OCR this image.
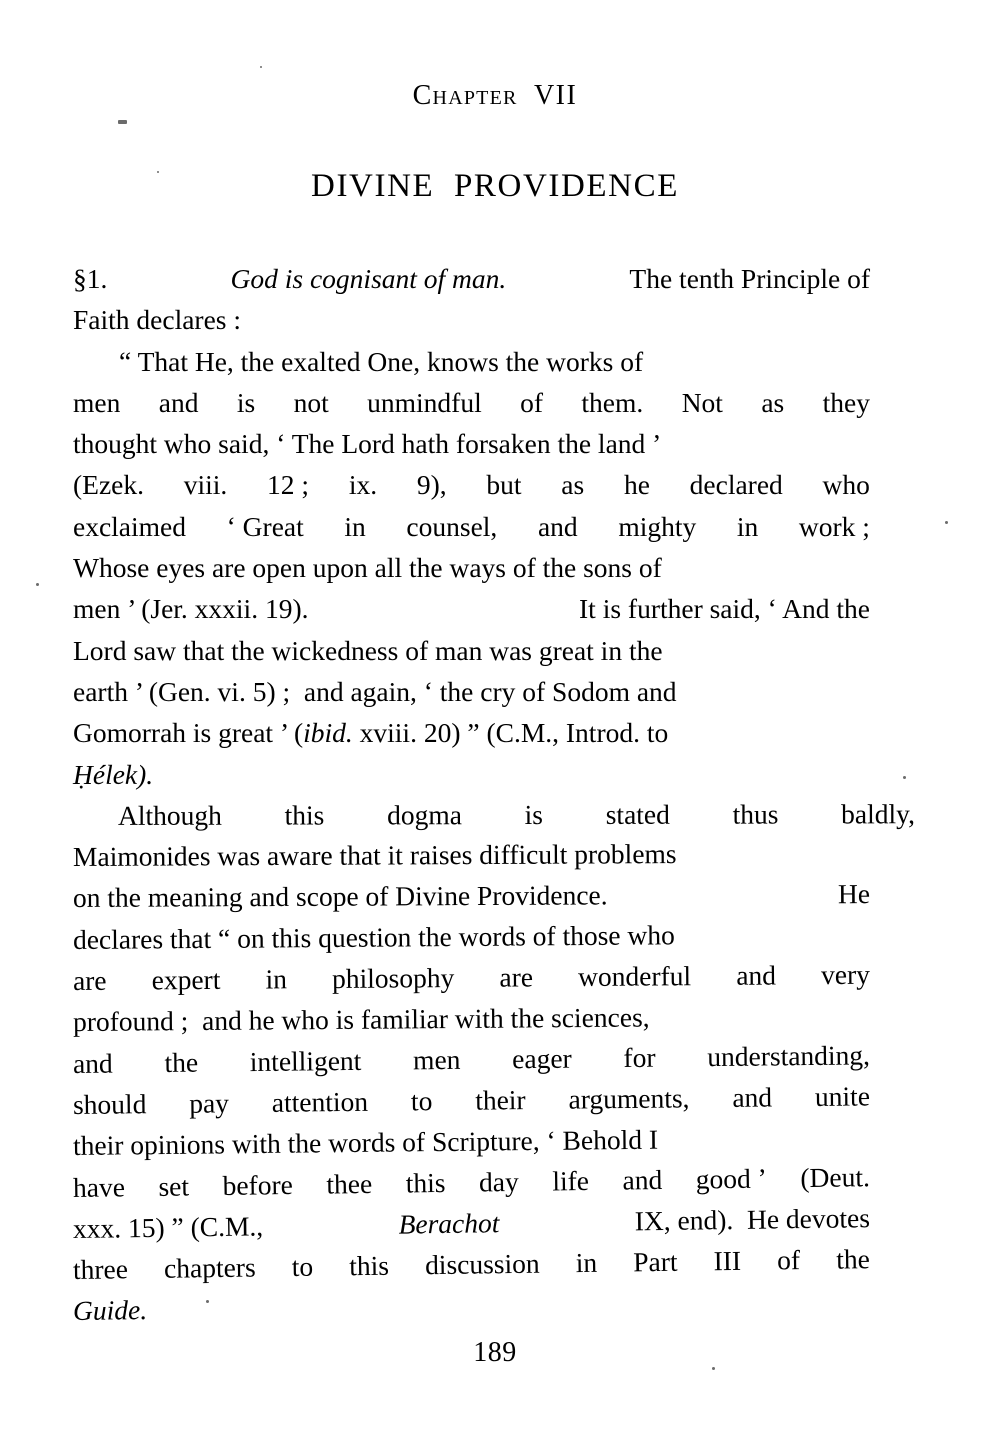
Chapter VII
DIVINE  PROVIDENCE
§1.	God is cognisant of man.	The tenth Principle of
Faith declares :
“ That He, the exalted One, knows the works of
men and is not unmindful of them. Not as they
thought who said, ‘ The Lord hath forsaken the land ’
(Ezek. viii. 12 ; ix. 9), but as he declared who
exclaimed ‘ Great in counsel, and mighty in work ;
Whose eyes are open upon all the ways of the sons of
men ’ (Jer. xxxii. 19).	It is further said, ‘ And the
Lord saw that the wickedness of man was great in the
earth ’ (Gen. vi. 5) ;  and again, ‘ the cry of Sodom and
Gomorrah is great ’ (ibid. xviii. 20) ” (C.M., Introd. to
Ḥélek).
Although this dogma is stated thus baldly,
Maimonides was aware that it raises difficult problems
on the meaning and scope of Divine Providence.	He
declares that “ on this question the words of those who
are expert in philosophy are wonderful and very
profound ;  and he who is familiar with the sciences,
and the intelligent men eager for understanding,
should pay attention to their arguments, and unite
their opinions with the words of Scripture, ‘ Behold I
have set before thee this day life and good ’ (Deut.
xxx. 15) ” (C.M.,	Berachot	IX, end).  He devotes
three chapters to this discussion in Part III of the
Guide.
189
